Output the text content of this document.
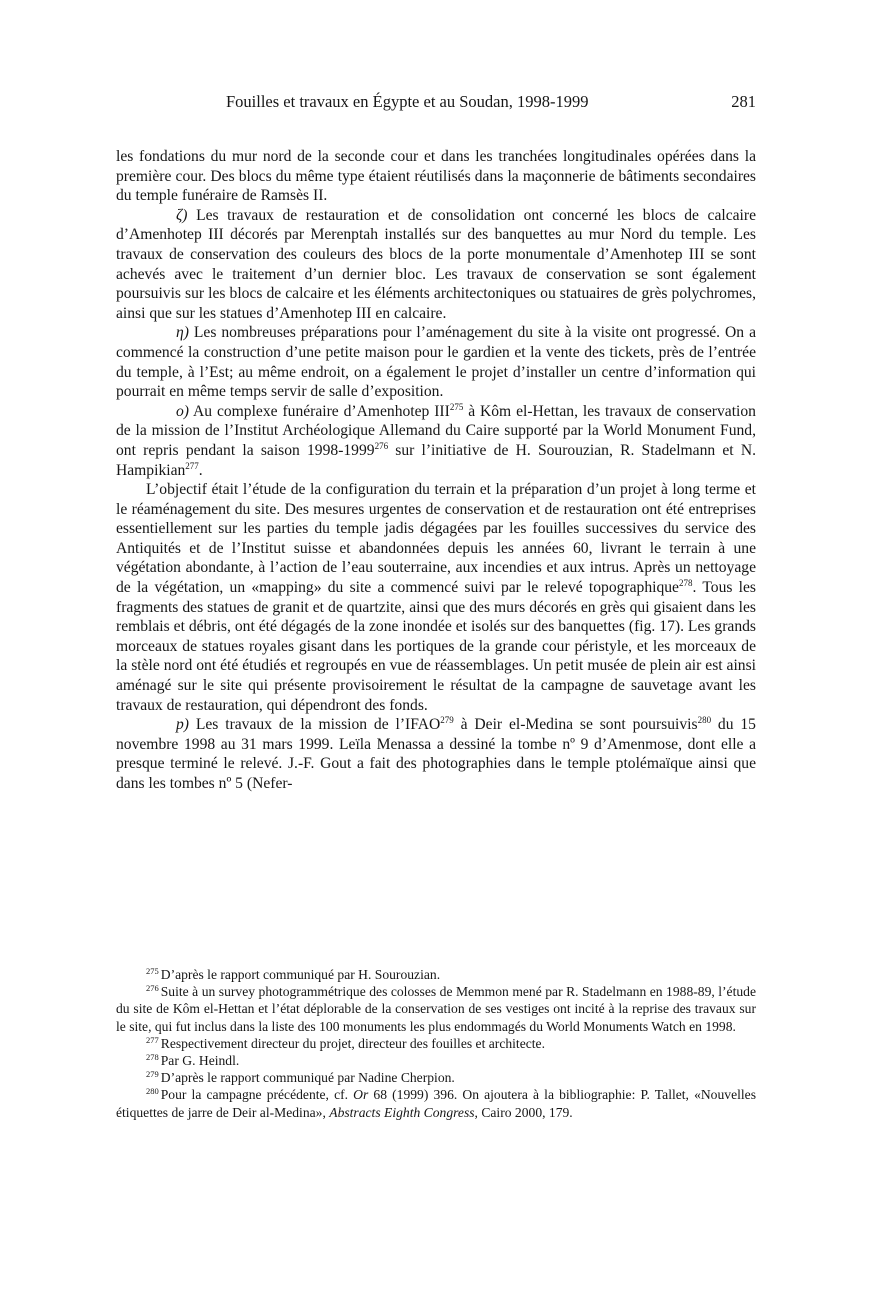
Fouilles et travaux en Égypte et au Soudan, 1998-1999	281

les fondations du mur nord de la seconde cour et dans les tranchées longitudinales opérées dans la première cour. Des blocs du même type étaient réutilisés dans la maçonnerie de bâtiments secondaires du temple funéraire de Ramsès II.

ζ) Les travaux de restauration et de consolidation ont concerné les blocs de calcaire d’Amenhotep III décorés par Merenptah installés sur des banquettes au mur Nord du temple. Les travaux de conservation des couleurs des blocs de la porte monumentale d’Amenhotep III se sont achevés avec le traitement d’un dernier bloc. Les travaux de conservation se sont également poursuivis sur les blocs de calcaire et les éléments architectoniques ou statuaires de grès polychromes, ainsi que sur les statues d’Amenhotep III en calcaire.

η) Les nombreuses préparations pour l’aménagement du site à la visite ont progressé. On a commencé la construction d’une petite maison pour le gardien et la vente des tickets, près de l’entrée du temple, à l’Est; au même endroit, on a également le projet d’installer un centre d’information qui pourrait en même temps servir de salle d’exposition.

o) Au complexe funéraire d’Amenhotep III$^{275}$ à Kôm el-Hettan, les travaux de conservation de la mission de l’Institut Archéologique Allemand du Caire supporté par la World Monument Fund, ont repris pendant la saison 1998-1999$^{276}$ sur l’initiative de H. Sourouzian, R. Stadelmann et N. Hampikian$^{277}$.

L’objectif était l’étude de la configuration du terrain et la préparation d’un projet à long terme et le réaménagement du site. Des mesures urgentes de conservation et de restauration ont été entreprises essentiellement sur les parties du temple jadis dégagées par les fouilles successives du service des Antiquités et de l’Institut suisse et abandonnées depuis les années 60, livrant le terrain à une végétation abondante, à l’action de l’eau souterraine, aux incendies et aux intrus. Après un nettoyage de la végétation, un «mapping» du site a commencé suivi par le relevé topographique$^{278}$. Tous les fragments des statues de granit et de quartzite, ainsi que des murs décorés en grès qui gisaient dans les remblais et débris, ont été dégagés de la zone inondée et isolés sur des banquettes (fig. 17). Les grands morceaux de statues royales gisant dans les portiques de la grande cour péristyle, et les morceaux de la stèle nord ont été étudiés et regroupés en vue de réassemblages. Un petit musée de plein air est ainsi aménagé sur le site qui présente provisoirement le résultat de la campagne de sauvetage avant les travaux de restauration, qui dépendront des fonds.

p) Les travaux de la mission de l’IFAO$^{279}$ à Deir el-Medina se sont poursuivis$^{280}$ du 15 novembre 1998 au 31 mars 1999. Leïla Menassa a dessiné la tombe nº 9 d’Amenmose, dont elle a presque terminé le relevé. J.-F. Gout a fait des photographies dans le temple ptolémaïque ainsi que dans les tombes nº 5 (Nefer-

$^{275}$ D’après le rapport communiqué par H. Sourouzian.

$^{276}$ Suite à un survey photogrammétrique des colosses de Memmon mené par R. Stadelmann en 1988-89, l’étude du site de Kôm el-Hettan et l’état déplorable de la conservation de ses vestiges ont incité à la reprise des travaux sur le site, qui fut inclus dans la liste des 100 monuments les plus endommagés du World Monuments Watch en 1998.

$^{277}$ Respectivement directeur du projet, directeur des fouilles et architecte.

$^{278}$ Par G. Heindl.

$^{279}$ D’après le rapport communiqué par Nadine Cherpion.

$^{280}$ Pour la campagne précédente, cf. Or 68 (1999) 396. On ajoutera à la bibliographie: P. Tallet, «Nouvelles étiquettes de jarre de Deir al-Medina», Abstracts Eighth Congress, Cairo 2000, 179.
